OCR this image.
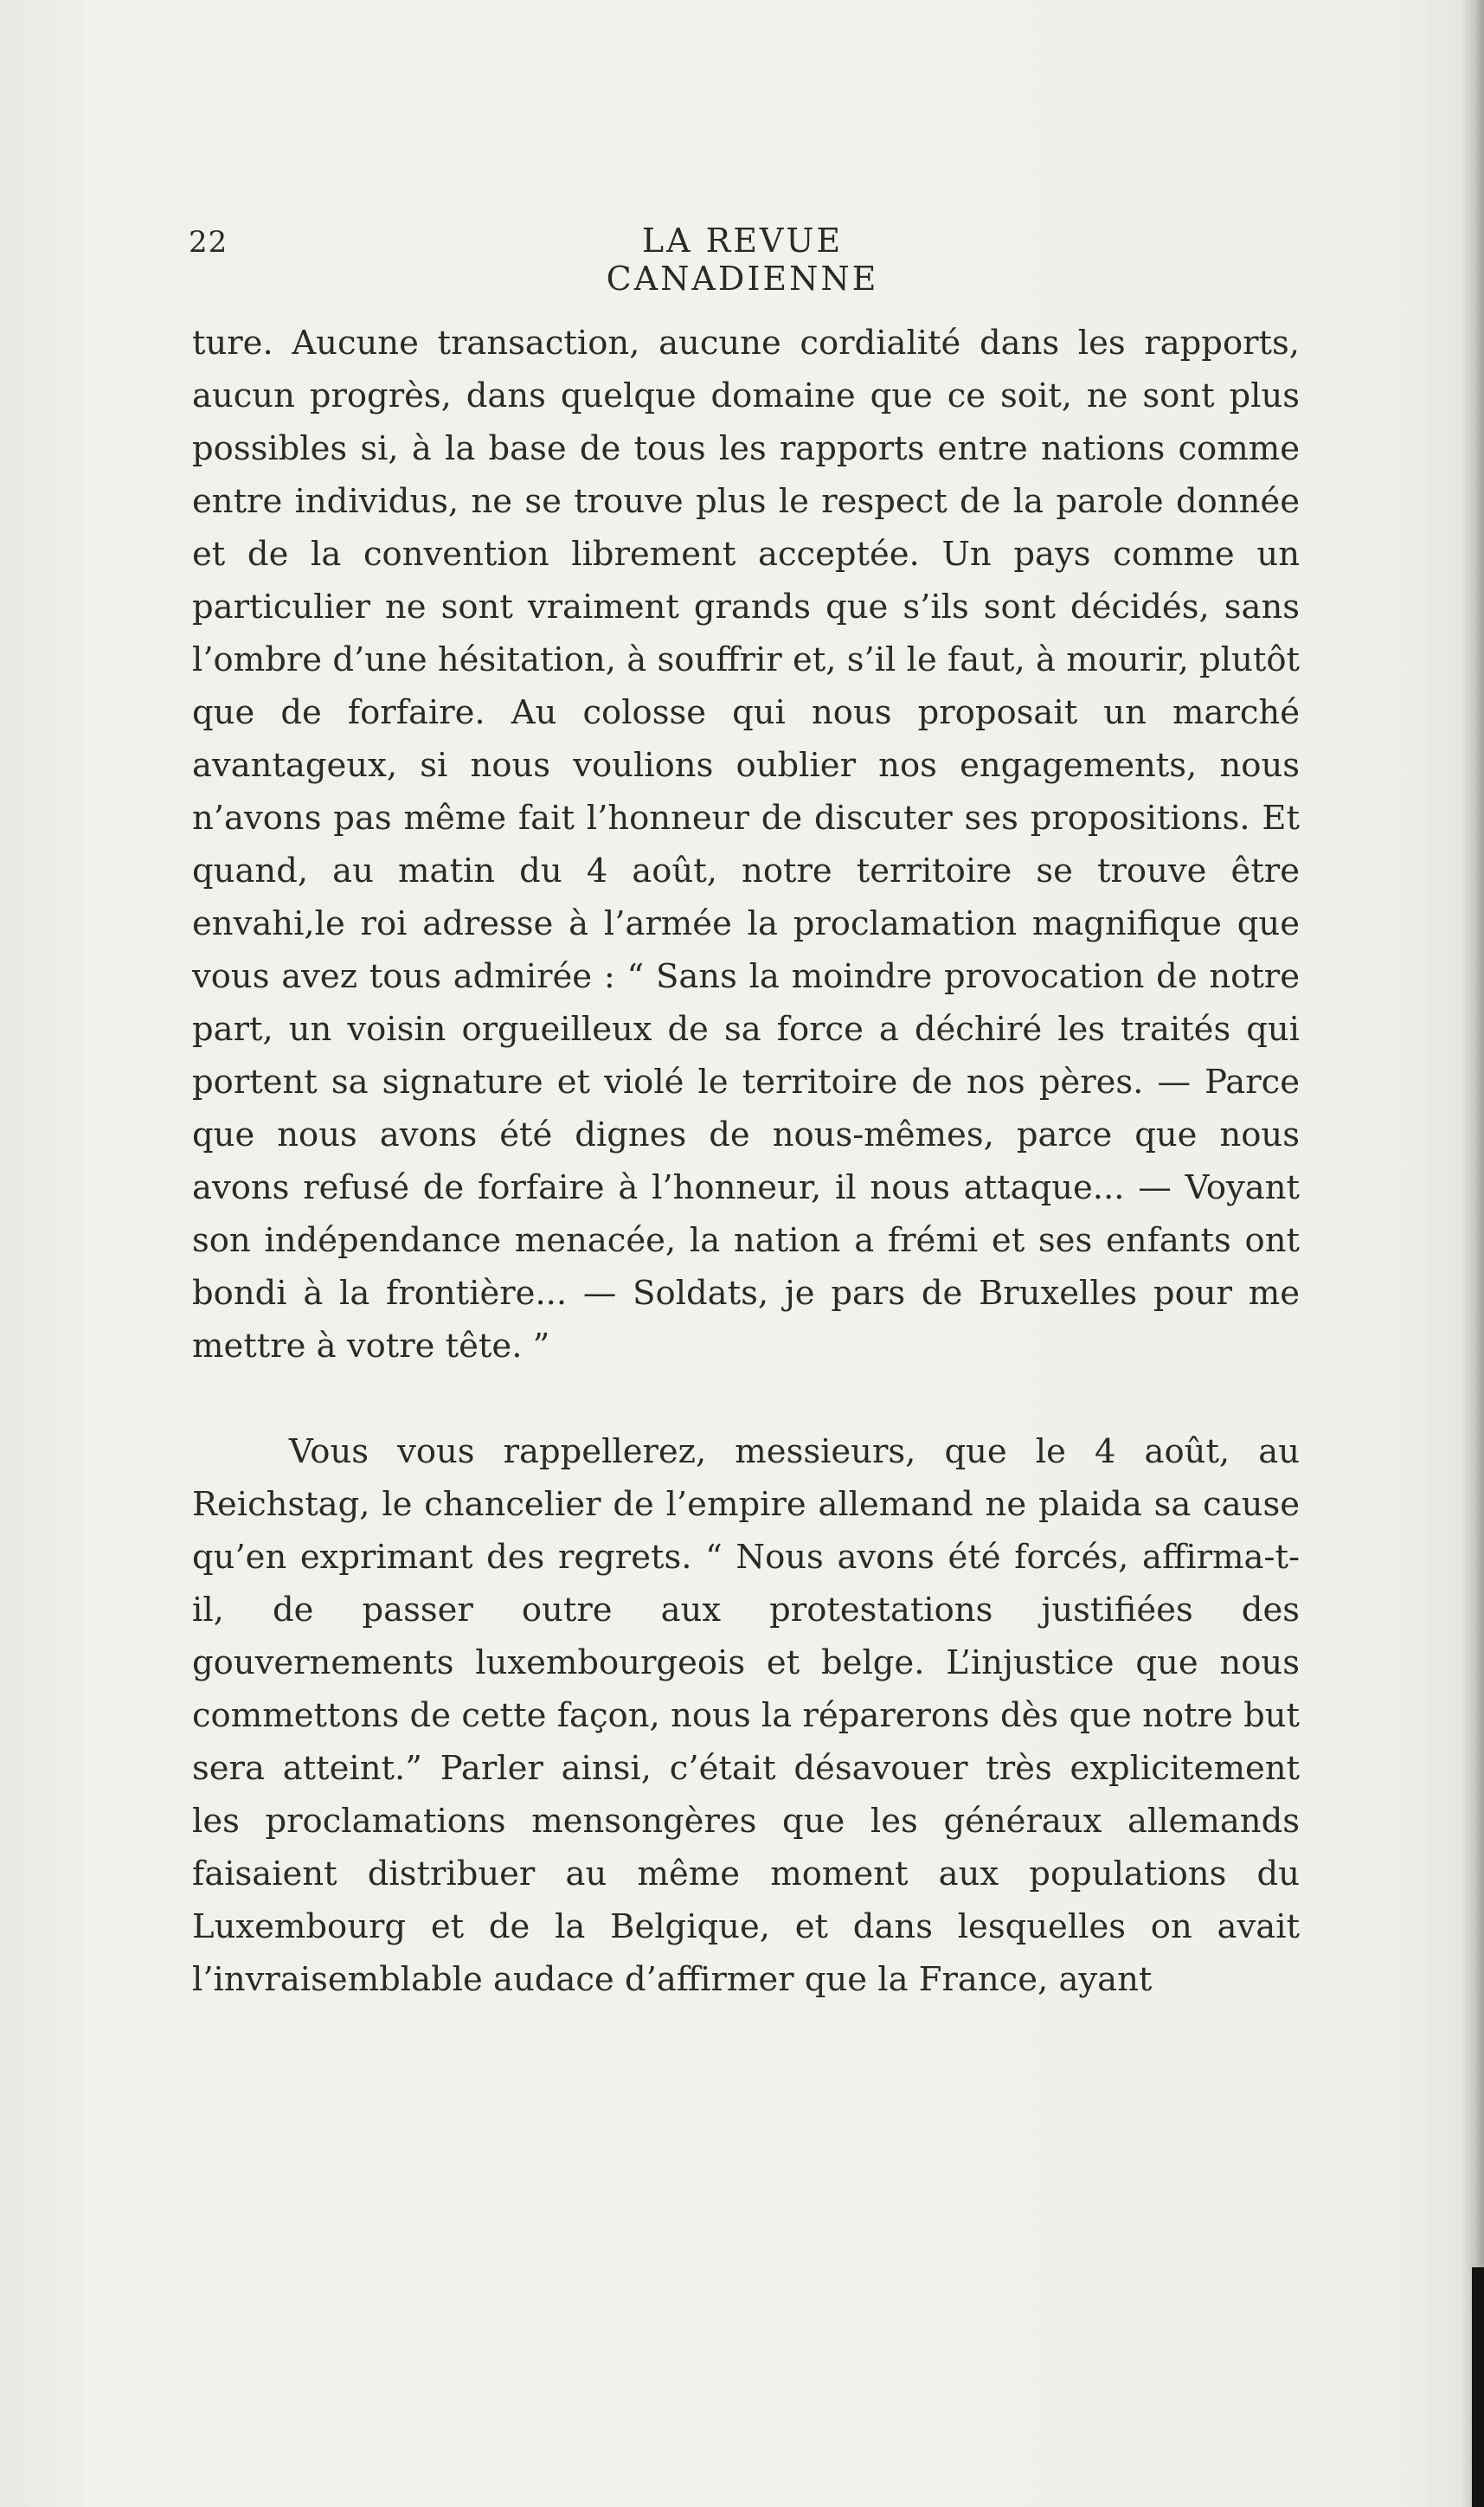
22	LA REVUE CANADIENNE

ture. Aucune transaction, aucune cordialité dans les rapports, aucun progrès, dans quelque domaine que ce soit, ne sont plus possibles si, à la base de tous les rapports entre nations comme entre individus, ne se trouve plus le respect de la parole donnée et de la convention librement acceptée. Un pays comme un particulier ne sont vraiment grands que s’ils sont décidés, sans l’ombre d’une hésitation, à souffrir et, s’il le faut, à mourir, plutôt que de forfaire. Au colosse qui nous proposait un marché avantageux, si nous voulions oublier nos engagements, nous n’avons pas même fait l’honneur de discuter ses propositions. Et quand, au matin du 4 août, notre territoire se trouve être envahi,le roi adresse à l’armée la proclamation magnifique que vous avez tous admirée : “ Sans la moindre provocation de notre part, un voisin orgueilleux de sa force a déchiré les traités qui portent sa signature et violé le territoire de nos pères. — Parce que nous avons été dignes de nous-mêmes, parce que nous avons refusé de forfaire à l’honneur, il nous attaque... — Voyant son indépendance menacée, la nation a frémi et ses enfants ont bondi à la frontière... — Soldats, je pars de Bruxelles pour me mettre à votre tête. ”

Vous vous rappellerez, messieurs, que le 4 août, au Reichstag, le chancelier de l’empire allemand ne plaida sa cause qu’en exprimant des regrets. “ Nous avons été forcés, affirma-t-il, de passer outre aux protestations justifiées des gouvernements luxembourgeois et belge. L’injustice que nous commettons de cette façon, nous la réparerons dès que notre but sera atteint.” Parler ainsi, c’était désavouer très explicitement les proclamations mensongères que les généraux allemands faisaient distribuer au même moment aux populations du Luxembourg et de la Belgique, et dans lesquelles on avait l’invraisemblable audace d’affirmer que la France, ayant
